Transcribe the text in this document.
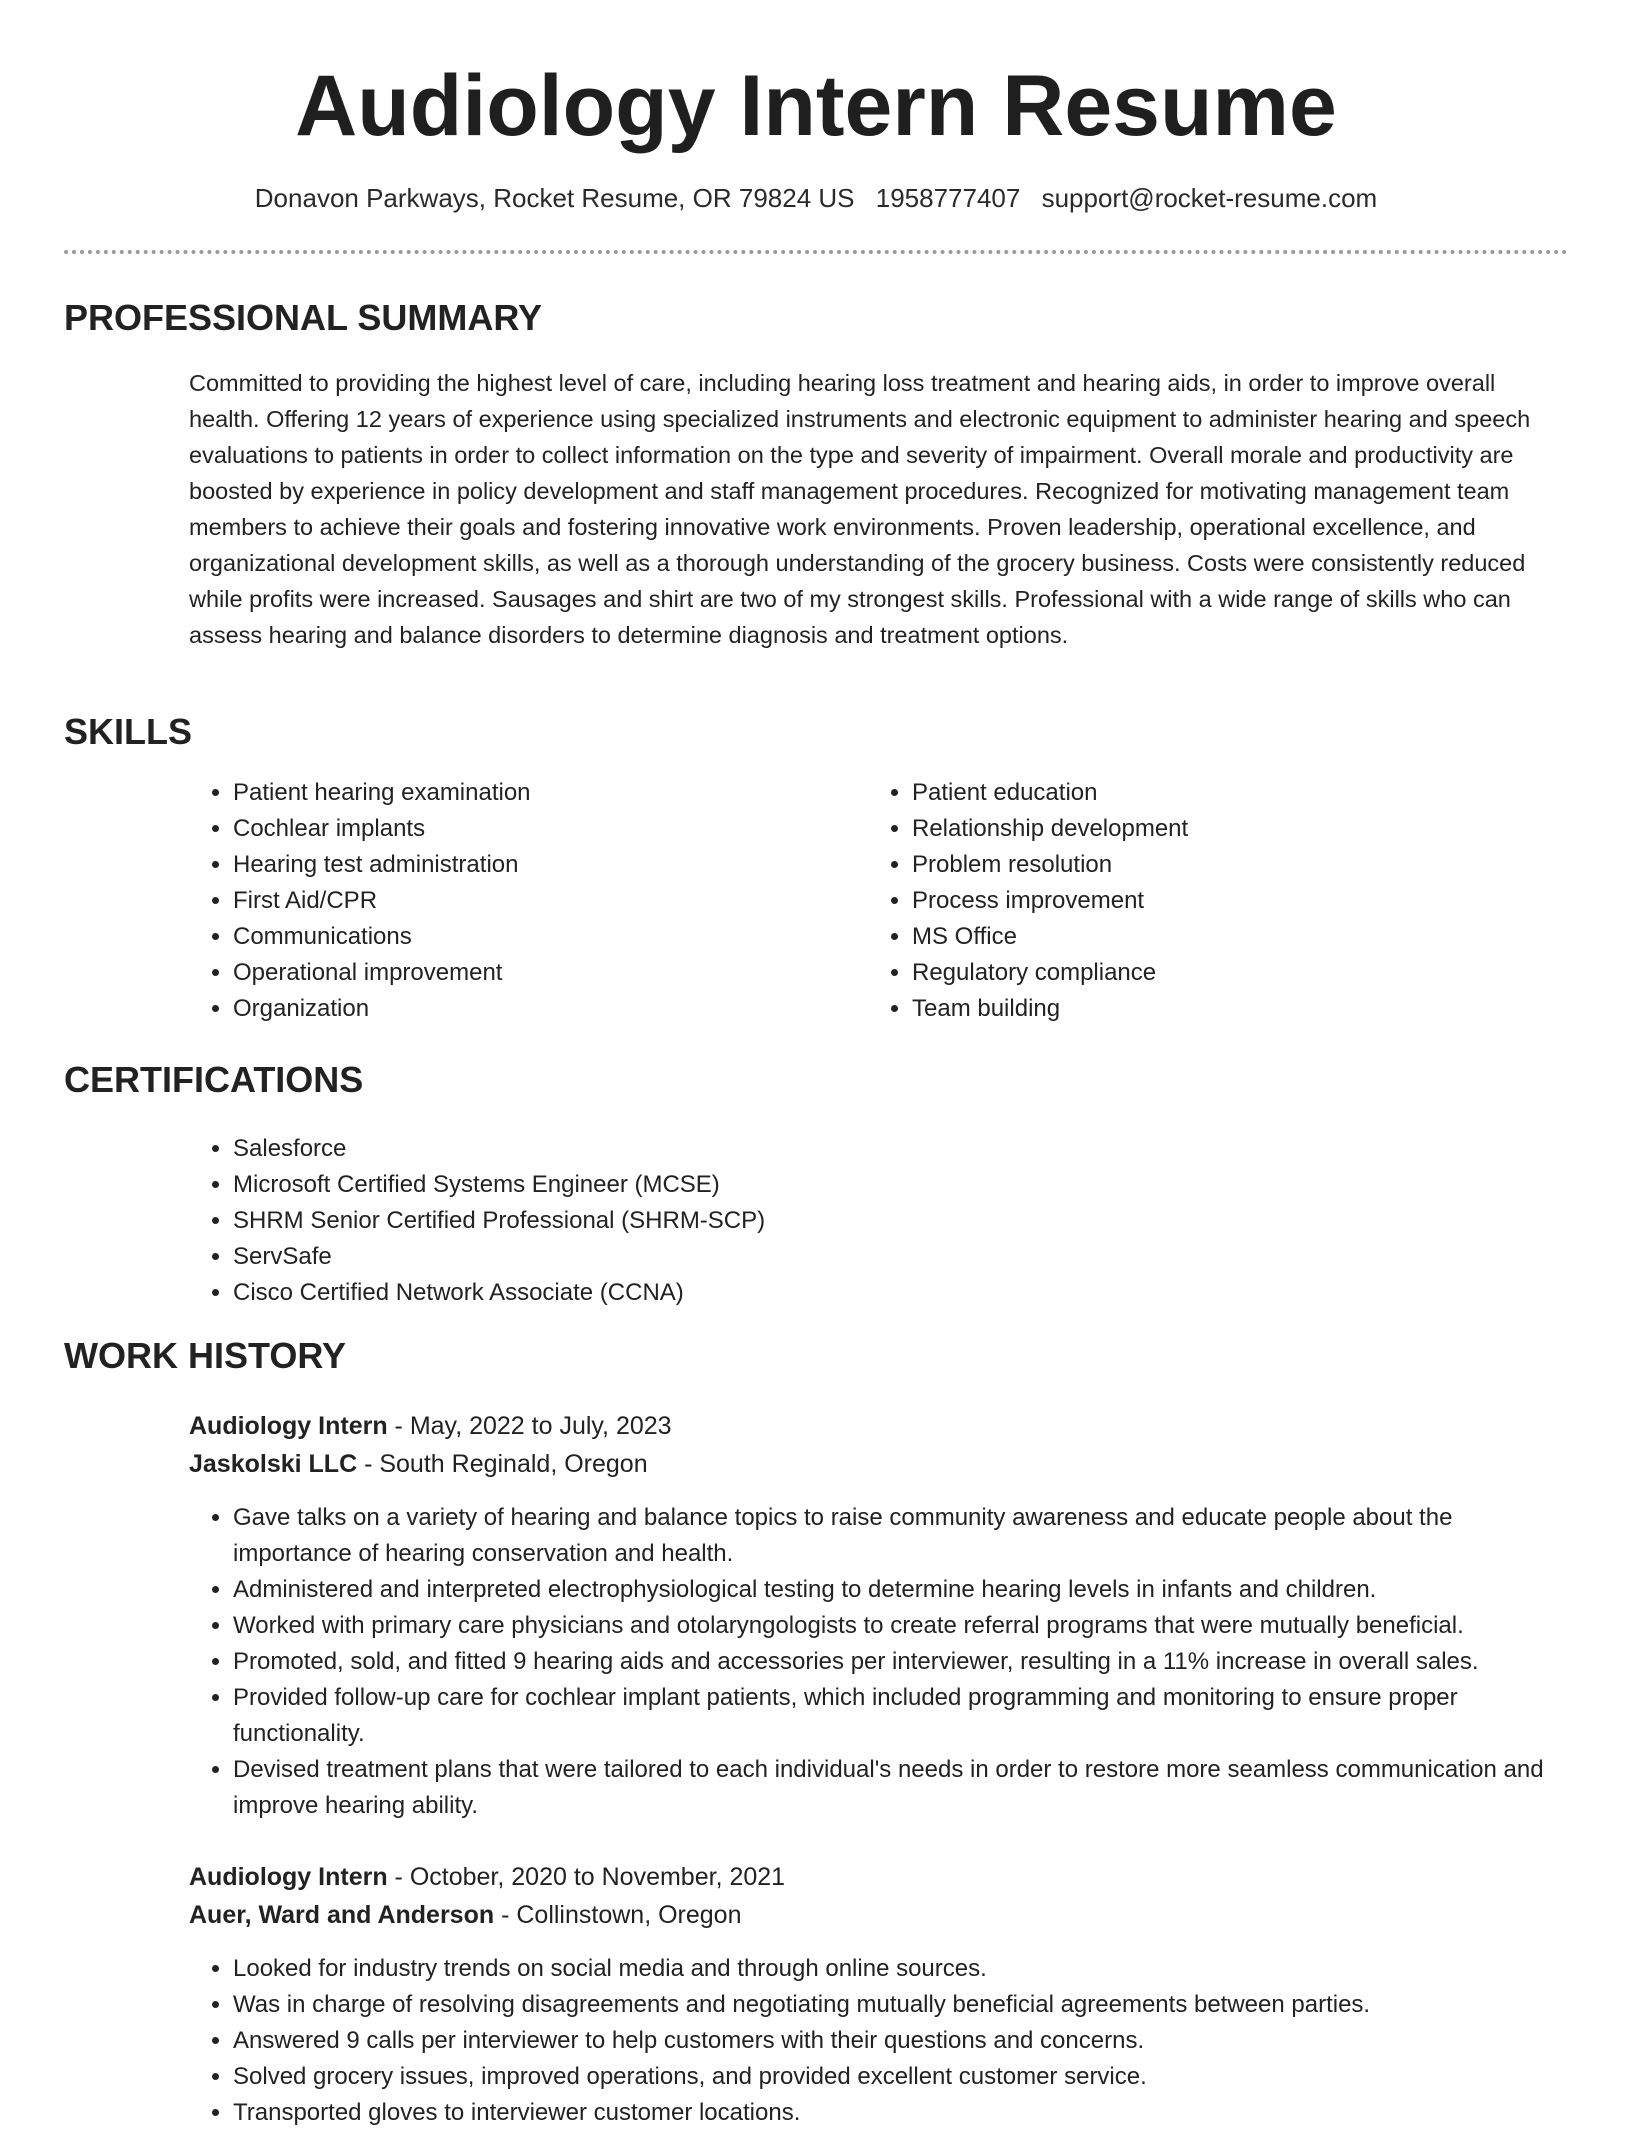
Audiology Intern Resume
Donavon Parkways, Rocket Resume, OR 79824 US 1958777407 support@rocket-resume.com
PROFESSIONAL SUMMARY

Committed to providing the highest level of care, including hearing loss treatment and hearing aids, in order to improve overall health. Offering 12 years of experience using specialized instruments and electronic equipment to administer hearing and speech evaluations to patients in order to collect information on the type and severity of impairment. Overall morale and productivity are boosted by experience in policy development and staff management procedures. Recognized for motivating management team members to achieve their goals and fostering innovative work environments. Proven leadership, operational excellence, and organizational development skills, as well as a thorough understanding of the grocery business. Costs were consistently reduced while profits were increased. Sausages and shirt are two of my strongest skills. Professional with a wide range of skills who can assess hearing and balance disorders to determine diagnosis and treatment options.

SKILLS
• Patient hearing examination
• Cochlear implants
• Hearing test administration
• First Aid/CPR
• Communications
• Operational improvement
• Organization
• Patient education
• Relationship development
• Problem resolution
• Process improvement
• MS Office
• Regulatory compliance
• Team building
CERTIFICATIONS
• Salesforce
• Microsoft Certified Systems Engineer (MCSE)
• SHRM Senior Certified Professional (SHRM-SCP)
• ServSafe
• Cisco Certified Network Associate (CCNA)
WORK HISTORY
Audiology Intern - May, 2022 to July, 2023
Jaskolski LLC - South Reginald, Oregon
• Gave talks on a variety of hearing and balance topics to raise community awareness and educate people about the importance of hearing conservation and health.
• Administered and interpreted electrophysiological testing to determine hearing levels in infants and children.
• Worked with primary care physicians and otolaryngologists to create referral programs that were mutually beneficial.
• Promoted, sold, and fitted 9 hearing aids and accessories per interviewer, resulting in a 11% increase in overall sales.
• Provided follow-up care for cochlear implant patients, which included programming and monitoring to ensure proper functionality.
• Devised treatment plans that were tailored to each individual's needs in order to restore more seamless communication and improve hearing ability.
Audiology Intern - October, 2020 to November, 2021
Auer, Ward and Anderson - Collinstown, Oregon
• Looked for industry trends on social media and through online sources.
• Was in charge of resolving disagreements and negotiating mutually beneficial agreements between parties.
• Answered 9 calls per interviewer to help customers with their questions and concerns.
• Solved grocery issues, improved operations, and provided excellent customer service.
• Transported gloves to interviewer customer locations.
